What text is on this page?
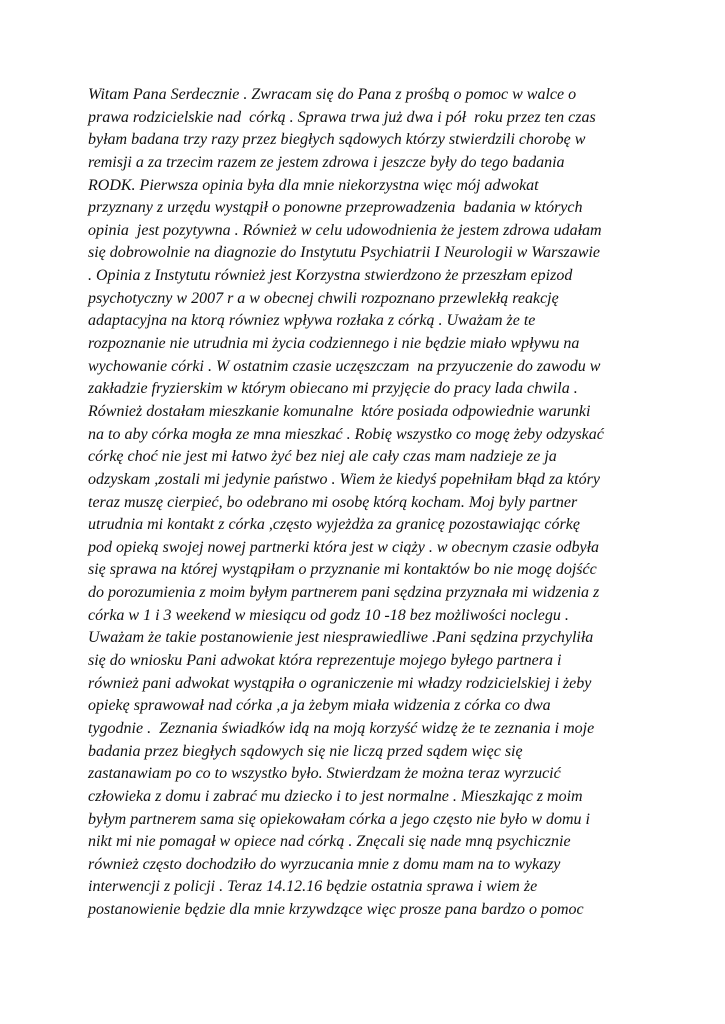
Witam Pana Serdecznie . Zwracam się do Pana z prośbą o pomoc w walce o
prawa rodzicielskie nad  córką . Sprawa trwa już dwa i pół  roku przez ten czas
byłam badana trzy razy przez biegłych sądowych którzy stwierdzili chorobę w
remisji a za trzecim razem ze jestem zdrowa i jeszcze były do tego badania
RODK. Pierwsza opinia była dla mnie niekorzystna więc mój adwokat
przyznany z urzędu wystąpił o ponowne przeprowadzenia  badania w których
opinia  jest pozytywna . Również w celu udowodnienia że jestem zdrowa udałam
się dobrowolnie na diagnozie do Instytutu Psychiatrii I Neurologii w Warszawie
. Opinia z Instytutu również jest Korzystna stwierdzono że przeszłam epizod
psychotyczny w 2007 r a w obecnej chwili rozpoznano przewlekłą reakcję
adaptacyjna na ktorą równiez wpływa rozłaka z córką . Uważam że te
rozpoznanie nie utrudnia mi życia codziennego i nie będzie miało wpływu na
wychowanie córki . W ostatnim czasie uczęszczam  na przyuczenie do zawodu w
zakładzie fryzierskim w którym obiecano mi przyjęcie do pracy lada chwila .
Również dostałam mieszkanie komunalne  które posiada odpowiednie warunki
na to aby córka mogła ze mna mieszkać . Robię wszystko co mogę żeby odzyskać
córkę choć nie jest mi łatwo żyć bez niej ale cały czas mam nadzieje ze ja
odzyskam ,zostali mi jedynie państwo . Wiem że kiedyś popełniłam błąd za który
teraz muszę cierpieć, bo odebrano mi osobę którą kocham. Moj byly partner
utrudnia mi kontakt z córka ,często wyjeżdża za granicę pozostawiając córkę
pod opieką swojej nowej partnerki która jest w ciąży . w obecnym czasie odbyła
się sprawa na której wystąpiłam o przyznanie mi kontaktów bo nie mogę dojśćc
do porozumienia z moim byłym partnerem pani sędzina przyznała mi widzenia z
córka w 1 i 3 weekend w miesiącu od godz 10 -18 bez możliwości noclegu .
Uważam że takie postanowienie jest niesprawiedliwe .Pani sędzina przychyliła
się do wniosku Pani adwokat która reprezentuje mojego byłego partnera i
również pani adwokat wystąpiła o ograniczenie mi władzy rodzicielskiej i żeby
opiekę sprawował nad córka ,a ja żebym miała widzenia z córka co dwa
tygodnie .  Zeznania świadków idą na moją korzyść widzę że te zeznania i moje
badania przez biegłych sądowych się nie liczą przed sądem więc się
zastanawiam po co to wszystko było. Stwierdzam że można teraz wyrzucić
człowieka z domu i zabrać mu dziecko i to jest normalne . Mieszkając z moim
byłym partnerem sama się opiekowałam córka a jego często nie było w domu i
nikt mi nie pomagał w opiece nad córką . Znęcali się nade mną psychicznie
również często dochodziło do wyrzucania mnie z domu mam na to wykazy
interwencji z policji . Teraz 14.12.16 będzie ostatnia sprawa i wiem że
postanowienie będzie dla mnie krzywdzące więc prosze pana bardzo o pomoc
